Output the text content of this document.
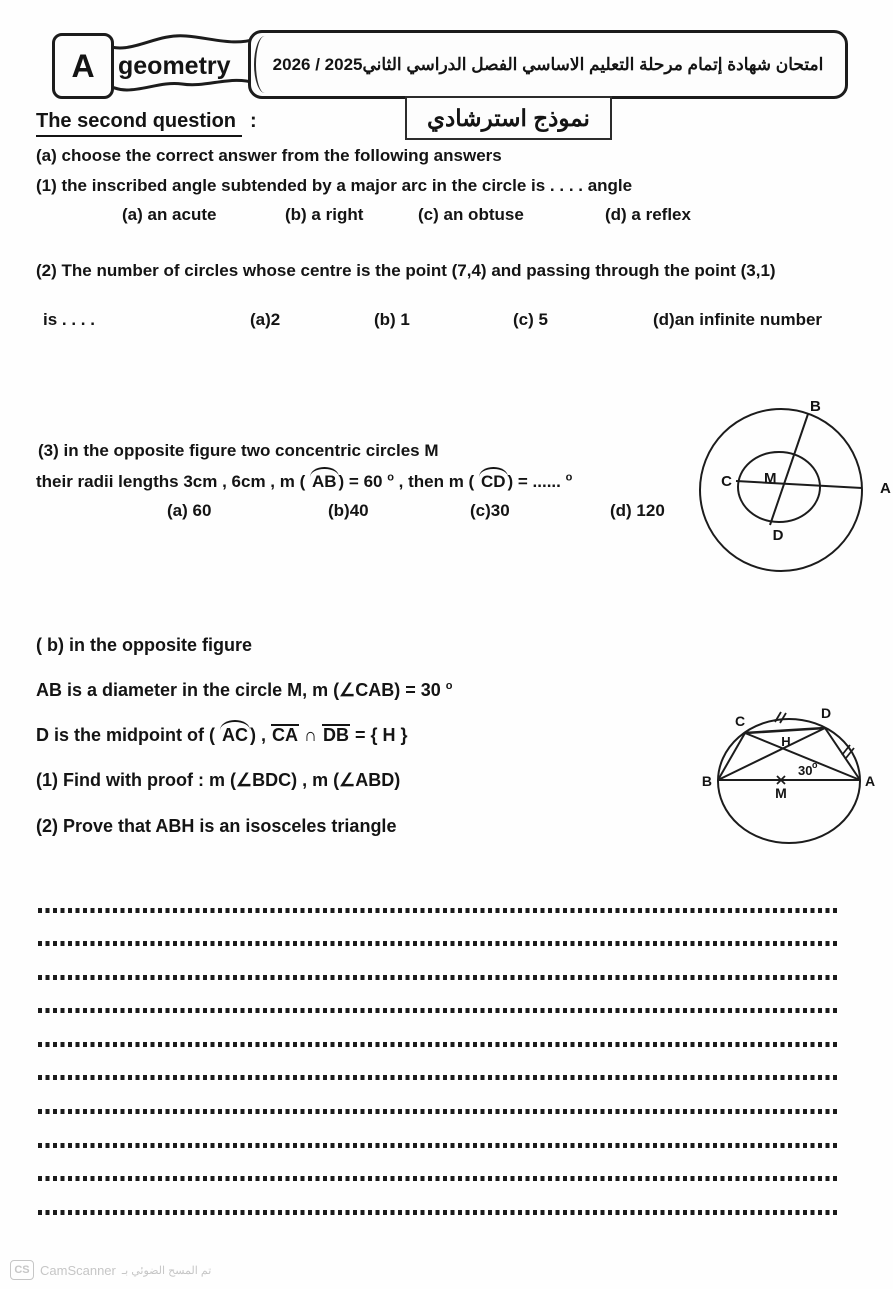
A geometry امتحان شهادة إتمام مرحلة التعليم الاساسي الفصل الدراسي الثاني2025 / 2026
نموذج استرشادي
The second question :
(a) choose the correct answer from the following answers
(1) the inscribed angle subtended by a major arc in the circle is . . . . angle
(a) an acute	(b) a right	(c) an obtuse	(d) a reflex
(2) The number of circles whose centre is the point (7,4) and passing through the point (3,1)
is . . . .	(a)2	(b) 1	(c) 5	(d)an infinite number
(3) in the opposite figure two concentric circles M
their radii lengths 3cm , 6cm , m ( AB ) = 60 $^o$ , then m ( CD ) = ...... $^o$
(a) 60	(b)40	(c)30	(d) 120
B
C M
D
A
( b) in the opposite figure
AB is a diameter in the circle M, m (∠CAB) = 30 $^o$
D is the midpoint of ( AC ) , CA ∩ DB = { H }
(1) Find with proof : m (∠BDC) , m (∠ABD)
(2) Prove that ABH is an isosceles triangle
B	A
C	D
H
M
30 o
CS CamScanner تم المسح الضوئي بـ
